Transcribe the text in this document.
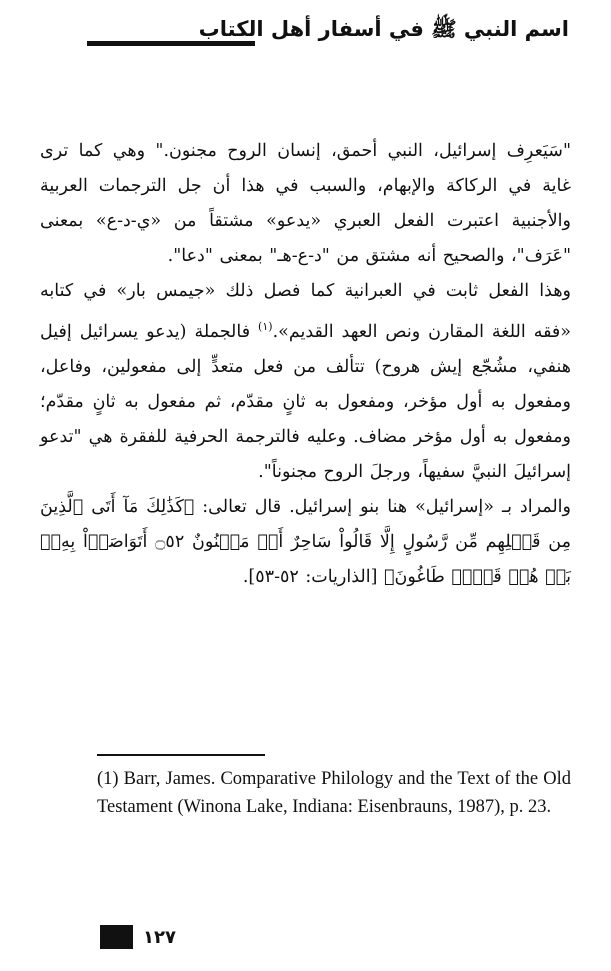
اسم النبي ﷺ في أسفار أهل الكتاب

"سَيَعرِف إسرائيل، النبي أحمق، إنسان الروح مجنون." وهي كما ترى غاية في الركاكة والإبهام، والسبب في هذا أن جل الترجمات العربية والأجنبية اعتبرت الفعل العبري «يدعو» مشتقاً من «ي-د-ع» بمعنى "عَرَف"، والصحيح أنه مشتق من "د-ع-هـ" بمعنى "دعا".

وهذا الفعل ثابت في العبرانية كما فصل ذلك «جيمس بار» في كتابه «فقه اللغة المقارن ونص العهد القديم».$^{(١)}$ فالجملة (يدعو يسرائيل إفيل هنفي، مشُجّع إيش هروح) تتألف من فعل متعدٍّ إلى مفعولين، وفاعل، ومفعول به أول مؤخر، ومفعول به ثانٍ مقدّم، ثم مفعول به ثانٍ مقدّم؛ ومفعول به أول مؤخر مضاف. وعليه فالترجمة الحرفية للفقرة هي "تدعو إسرائيلَ النبيَّ سفيهاً، ورجلَ الروح مجنوناً".

والمراد بـ «إسرائيل» هنا بنو إسرائيل. قال تعالى: ﴿كَذَٰلِكَ مَآ أَتَى ٱلَّذِينَ مِن قَبۡلِهِم مِّن رَّسُولٍ إِلَّا قَالُواْ سَاحِرٌ أَوۡ مَجۡنُونٌ ۝٥٢ أَتَوَاصَوۡاْ بِهِۦۚ بَلۡ هُمۡ قَوۡمٞ طَاغُونَ﴾ [الذاريات: ٥٢-٥٣].

(1) Barr, James. Comparative Philology and the Text of the Old Testament (Winona Lake, Indiana: Eisenbrauns, 1987), p. 23.
١٢٧
